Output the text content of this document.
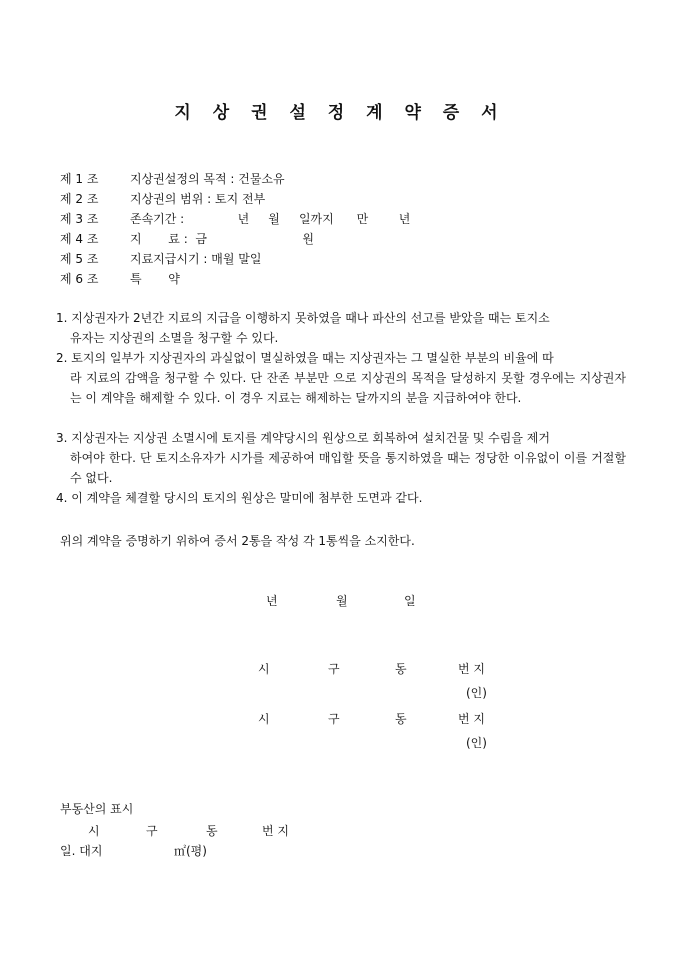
지 상 권 설 정 계 약 증 서
제 1 조	지상권설정의 목적 : 건물소유
제 2 조	지상권의 범위 : 토지 전부
제 3 조	존속기간 :              년     월     일까지      만        년
제 4 조	지       료 :  금                         원
제 5 조	지료지급시기 : 매월 말일
제 6 조	특       약
1. 지상권자가 2년간 지료의 지급을 이행하지 못하였을 때나 파산의 선고를 받았을 때는 토지소
유자는 지상권의 소멸을 청구할 수 있다.
2. 토지의 일부가 지상권자의 과실없이 멸실하였을 때는 지상권자는 그 멸실한 부분의 비율에 따
라 지료의 감액을 청구할 수 있다. 단 잔존 부분만 으로 지상권의 목적을 달성하지 못할 경우에는 지상권자는 이 계약을 해제할 수 있다. 이 경우 지료는 해제하는 달까지의 분을 지급하여야 한다.
3. 지상권자는 지상권 소멸시에 토지를 계약당시의 원상으로 회복하여 설치건물 및 수림을 제거
하여야 한다. 단 토지소유자가 시가를 제공하여 매입할 뜻을 통지하였을 때는 정당한 이유없이 이를 거절할 수 없다.
4. 이 계약을 체결할 당시의 토지의 원상은 말미에 첨부한 도면과 같다.
위의 계약을 증명하기 위하여 증서 2통을 작성 각 1통씩을 소지한다.
년	월	일
시	구	동	번 지
(인)
시	구	동	번 지
(인)
부동산의 표시
시	구	동	번 지
일. 대지	㎡(평)
